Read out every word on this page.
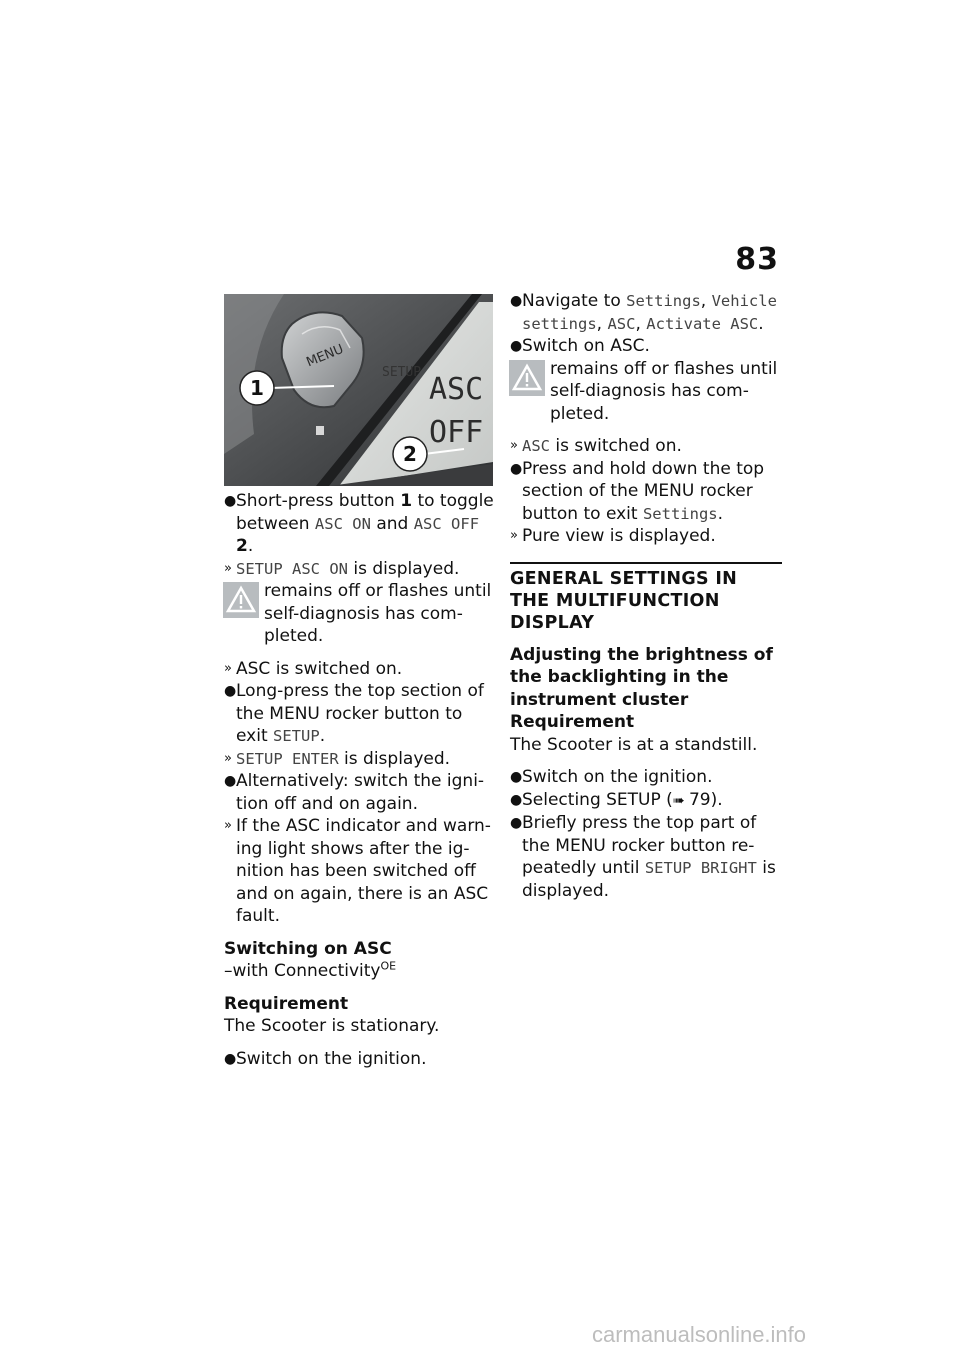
83
MENU
SETUP ASC
OFF
1
2
● Short-press button 1 to toggle between ASC ON and ASC OFF 2.
» SETUP ASC ON is displayed.
remains off or flashes until self-diagnosis has com-pleted.
» ASC is switched on.
● Long-press the top section of the MENU rocker button to exit SETUP.
» SETUP ENTER is displayed.
● Alternatively: switch the igni-tion off and on again.
» If the ASC indicator and warn-ing light shows after the ig-nition has been switched off and on again, there is an ASC fault.
Switching on ASC
–with Connectivity$^{OE}$
Requirement
The Scooter is stationary.
● Switch on the ignition.
● Navigate to Settings, Vehicle settings, ASC, Activate ASC.
● Switch on ASC.
remains off or flashes until self-diagnosis has com-pleted.
» ASC is switched on.
● Press and hold down the top section of the MENU rocker button to exit Settings.
» Pure view is displayed.
GENERAL SETTINGS IN THE MULTIFUNCTION DISPLAY
Adjusting the brightness of the backlighting in the instrument cluster
Requirement
The Scooter is at a standstill.
● Switch on the ignition.
● Selecting SETUP (➠ 79).
● Briefly press the top part of the MENU rocker button re-peatedly until SETUP BRIGHT is displayed.
carmanualsonline.info
